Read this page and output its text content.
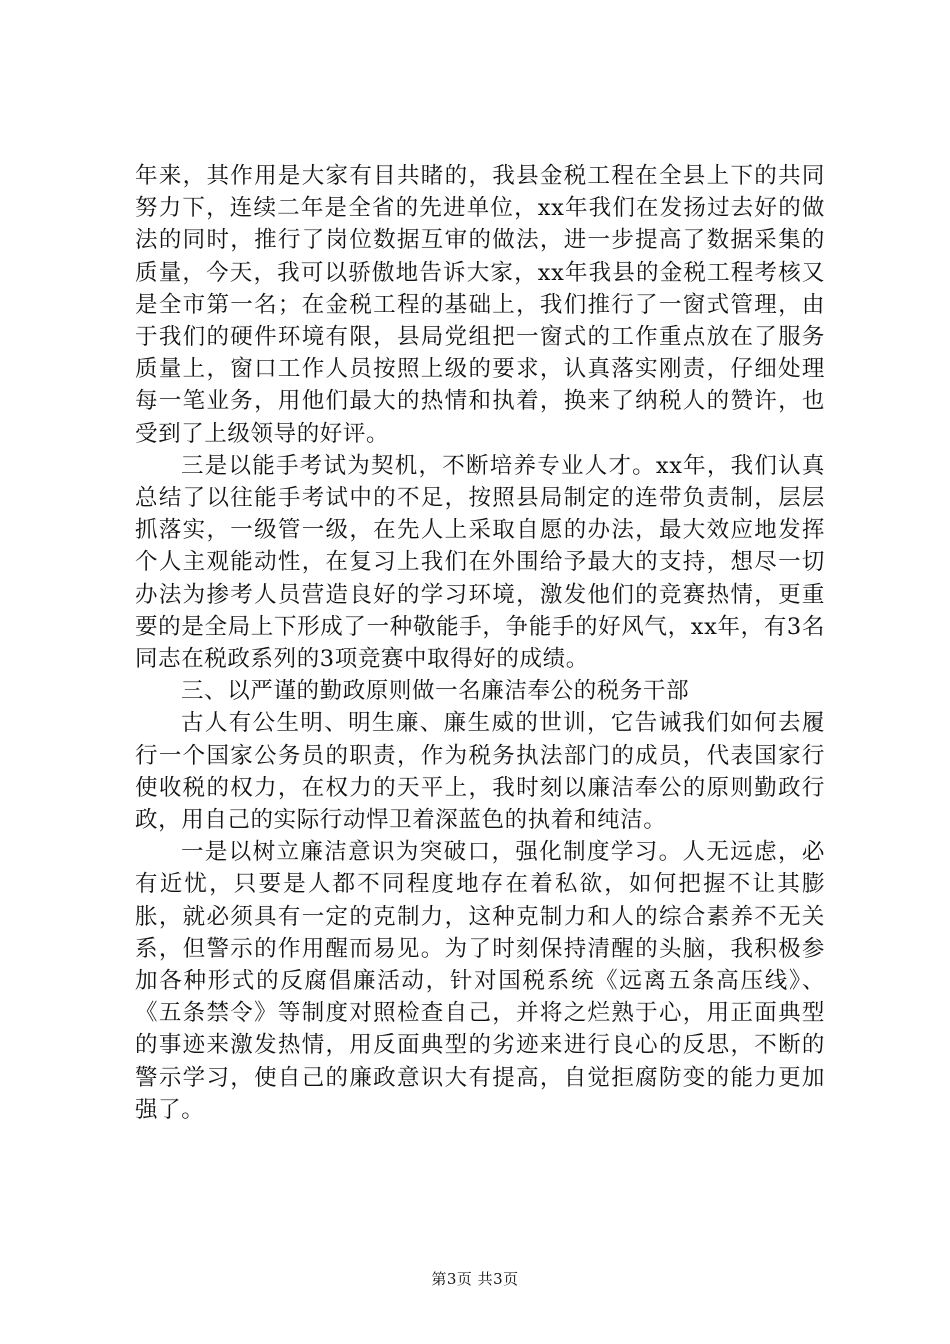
年来，其作用是大家有目共睹的，我县金税工程在全县上下的共同努力下，连续二年是全省的先进单位，xx年我们在发扬过去好的做法的同时，推行了岗位数据互审的做法，进一步提高了数据采集的质量，今天，我可以骄傲地告诉大家，xx年我县的金税工程考核又是全市第一名；在金税工程的基础上，我们推行了一窗式管理，由于我们的硬件环境有限，县局党组把一窗式的工作重点放在了服务质量上，窗口工作人员按照上级的要求，认真落实刚责，仔细处理每一笔业务，用他们最大的热情和执着，换来了纳税人的赞许，也受到了上级领导的好评。

三是以能手考试为契机，不断培养专业人才。xx年，我们认真总结了以往能手考试中的不足，按照县局制定的连带负责制，层层抓落实，一级管一级，在先人上采取自愿的办法，最大效应地发挥个人主观能动性，在复习上我们在外围给予最大的支持，想尽一切办法为掺考人员营造良好的学习环境，激发他们的竞赛热情，更重要的是全局上下形成了一种敬能手，争能手的好风气，xx年，有3名同志在税政系列的3项竞赛中取得好的成绩。

三、以严谨的勤政原则做一名廉洁奉公的税务干部

古人有公生明、明生廉、廉生威的世训，它告诫我们如何去履行一个国家公务员的职责，作为税务执法部门的成员，代表国家行使收税的权力，在权力的天平上，我时刻以廉洁奉公的原则勤政行政，用自己的实际行动悍卫着深蓝色的执着和纯洁。

一是以树立廉洁意识为突破口，强化制度学习。人无远虑，必有近忧，只要是人都不同程度地存在着私欲，如何把握不让其膨胀，就必须具有一定的克制力，这种克制力和人的综合素养不无关系，但警示的作用醒而易见。为了时刻保持清醒的头脑，我积极参加各种形式的反腐倡廉活动，针对国税系统《远离五条高压线》、《五条禁令》等制度对照检查自己，并将之烂熟于心，用正面典型的事迹来激发热情，用反面典型的劣迹来进行良心的反思，不断的警示学习，使自己的廉政意识大有提高，自觉拒腐防变的能力更加强了。

第3页 共3页
